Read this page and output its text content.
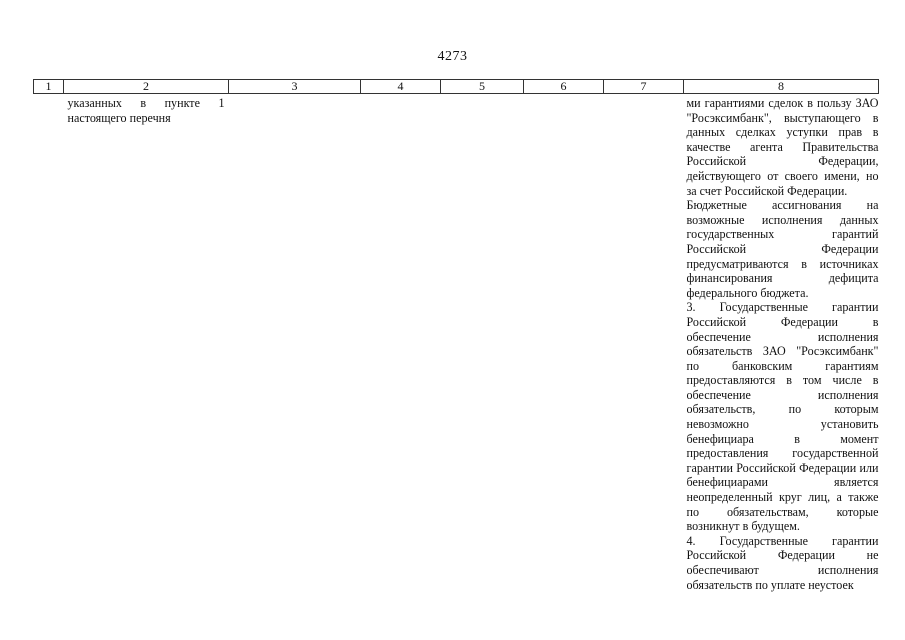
4273
1	2	3	4	5	6	7	8

	указанных в пункте 1 настоящего перечня						ми гарантиями сделок в пользу ЗАО "Росэксимбанк", выступающего в данных сделках уступки прав в качестве агента Правительства Российской Федерации, действующего от своего имени, но за счет Российской Федерации.

Бюджетные ассигнования на возможные исполнения данных государственных гарантий Российской Федерации предусматриваются в источниках финансирования дефицита федерального бюджета.

3. Государственные гарантии Российской Федерации в обеспечение исполнения обязательств ЗАО "Росэксимбанк" по банковским гарантиям предоставляются в том числе в обеспечение исполнения обязательств, по которым невозможно установить бенефициара в момент предоставления государственной гарантии Российской Федерации или бенефициарами является неопределенный круг лиц, а также по обязательствам, которые возникнут в будущем.

4. Государственные гарантии Российской Федерации не обеспечивают исполнения обязательств по уплате неустоек
